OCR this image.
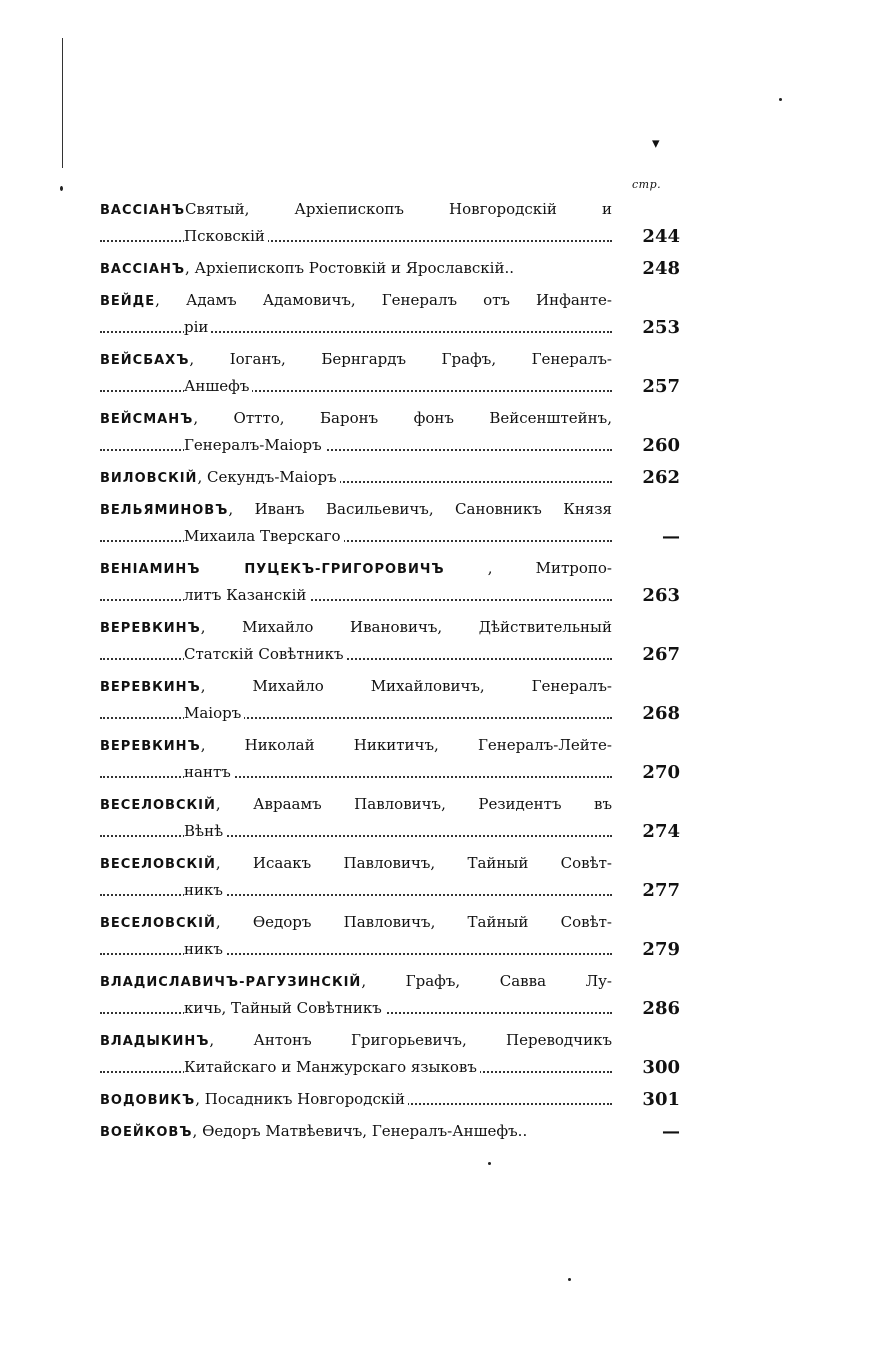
▾
стр.
ВАССІАНЪСвятый, Архіепископъ Новгородскій и
Псковскій	244
ВАССІАНЪ, Архіепископъ Ростовкій и Ярославскій..	248
ВЕЙДЕ, Адамъ Адамовичъ, Генералъ отъ Инфанте-
ріи	253
ВЕЙСБАХЪ, Іоганъ, Бернгардъ Графъ, Генералъ-
Аншефъ	257
ВЕЙСМАНЪ, Оттто, Баронъ фонъ Вейсенштейнъ,
Генералъ-Маіоръ	260
ВИЛОВСКІЙ, Секундъ-Маіоръ	262
ВЕЛЬЯМИНОВЪ, Иванъ Васильевичъ, Сановникъ Князя
Михаила Тверскаго	—
ВЕНІАМИНЪ ПУЦЕКЪ-ГРИГОРОВИЧЪ	, Митропо-
литъ Казанскій	263
ВЕРЕВКИНЪ, Михайло Ивановичъ, Дѣйствительный
Статскій Совѣтникъ	267
ВЕРЕВКИНЪ, Михайло Михайловичъ, Генералъ-
Маіоръ	268
ВЕРЕВКИНЪ, Николай Никитичъ, Генералъ-Лейте-
нантъ	270
ВЕСЕЛОВСКІЙ, Авраамъ Павловичъ, Резидентъ въ
Вѣнѣ	274
ВЕСЕЛОВСКІЙ, Исаакъ Павловичъ, Тайный Совѣт-
никъ	277
ВЕСЕЛОВСКІЙ, Ѳедоръ Павловичъ, Тайный Совѣт-
никъ	279
ВЛАДИСЛАВИЧЪ-РАГУЗИНСКІЙ, Графъ, Савва Лу-
кичь, Тайный Совѣтникъ	286
ВЛАДЫКИНЪ, Антонъ Григорьевичъ, Переводчикъ
Китайскаго и Манжурскаго языковъ	300
ВОДОВИКЪ, Посадникъ Новгородскій	301
ВОЕЙКОВЪ, Ѳедоръ Матвѣевичъ, Генералъ-Аншефъ..	—
